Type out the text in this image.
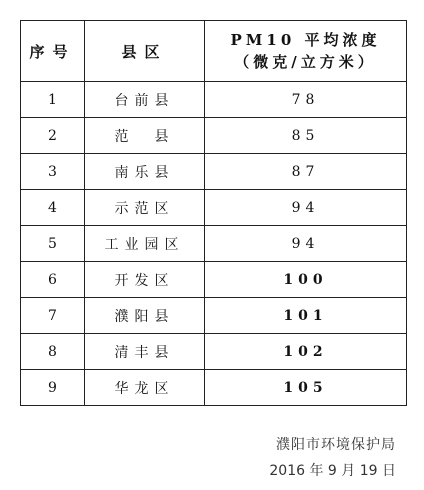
序号	县区	PM10 平均浓度
（微克/立方米）

1	台前县	78
2	范　县	85
3	南乐县	87
4	示范区	94
5	工业园区	94
6	开发区	100
7	濮阳县	101
8	清丰县	102
9	华龙区	105
濮阳市环境保护局
2016 年 9 月 19 日
